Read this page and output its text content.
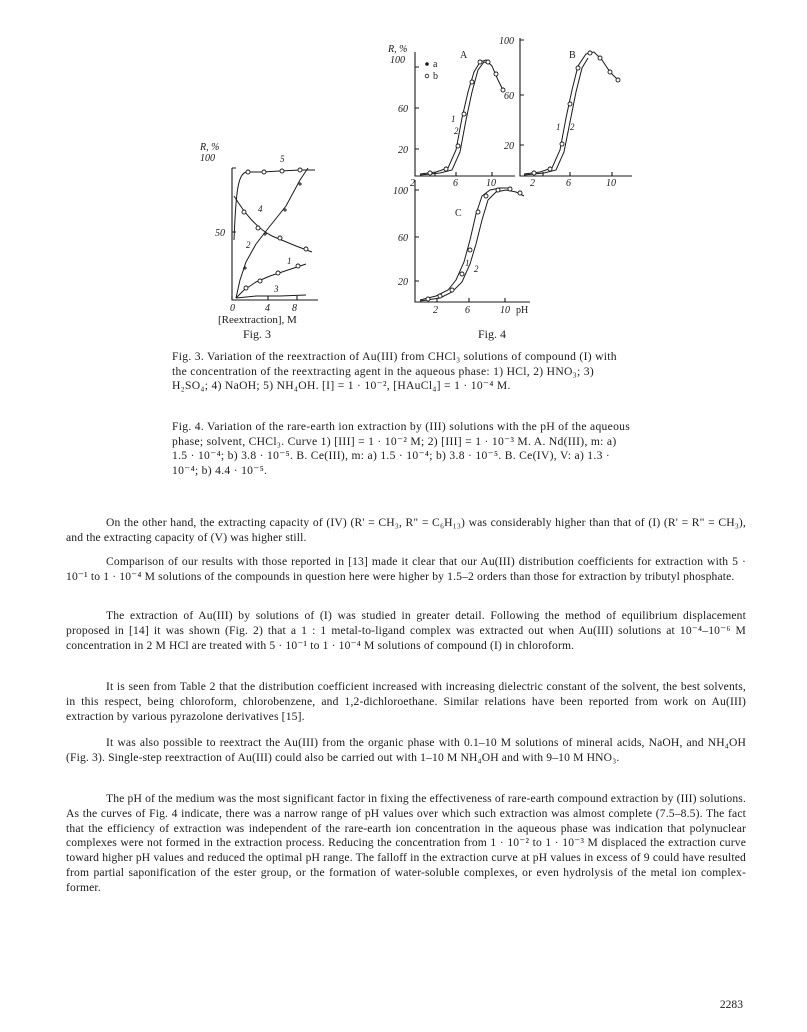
R, %
100
50
0	4 8
5
4
2
1
3
R, %
100
60
20
2	6	10
A
a
b
1
2
100
60
20
2	6	10
B
1 2
100
60
20
2	6	10 pH
C
1
2
[Reextraction], M
Fig. 3	Fig. 4
Fig. 3. Variation of the reextraction of Au(III) from CHCl₃ solutions of compound (I) with the concentration of the reextracting agent in the aqueous phase: 1) HCl, 2) HNO₃; 3) H₂SO₄; 4) NaOH; 5) NH₄OH. [I] = 1 · 10⁻², [HAuCl₄] = 1 · 10⁻⁴ M.
Fig. 4. Variation of the rare-earth ion extraction by (III) solutions with the pH of the aqueous phase; solvent, CHCl₃. Curve 1) [III] = 1 · 10⁻² M; 2) [III] = 1 · 10⁻³ M. A. Nd(III), m: a) 1.5 · 10⁻⁴; b) 3.8 · 10⁻⁵. B. Ce(III), m: a) 1.5 · 10⁻⁴; b) 3.8 · 10⁻⁵. B. Ce(IV), V: a) 1.3 · 10⁻⁴; b) 4.4 · 10⁻⁵.
On the other hand, the extracting capacity of (IV) (R' = CH₃, R" = C₆H₁₃) was considerably higher than that of (I) (R' = R" = CH₃), and the extracting capacity of (V) was higher still.
Comparison of our results with those reported in [13] made it clear that our Au(III) distribution coefficients for extraction with 5 · 10⁻¹ to 1 · 10⁻⁴ M solutions of the compounds in question here were higher by 1.5–2 orders than those for extraction by tributyl phosphate.
The extraction of Au(III) by solutions of (I) was studied in greater detail. Following the method of equilibrium displacement proposed in [14] it was shown (Fig. 2) that a 1 : 1 metal-to-ligand complex was extracted out when Au(III) solutions at 10⁻⁴–10⁻⁶ M concentration in 2 M HCl are treated with 5 · 10⁻¹ to 1 · 10⁻⁴ M solutions of compound (I) in chloroform.
It is seen from Table 2 that the distribution coefficient increased with increasing dielectric constant of the solvent, the best solvents, in this respect, being chloroform, chlorobenzene, and 1,2-dichloroethane. Similar relations have been reported from work on Au(III) extraction by various pyrazolone derivatives [15].
It was also possible to reextract the Au(III) from the organic phase with 0.1–10 M solutions of mineral acids, NaOH, and NH₄OH (Fig. 3). Single-step reextraction of Au(III) could also be carried out with 1–10 M NH₄OH and with 9–10 M HNO₃.
The pH of the medium was the most significant factor in fixing the effectiveness of rare-earth compound extraction by (III) solutions. As the curves of Fig. 4 indicate, there was a narrow range of pH values over which such extraction was almost complete (7.5–8.5). The fact that the efficiency of extraction was independent of the rare-earth ion concentration in the aqueous phase was indication that polynuclear complexes were not formed in the extraction process. Reducing the concentration from 1 · 10⁻² to 1 · 10⁻³ M displaced the extraction curve toward higher pH values and reduced the optimal pH range. The falloff in the extraction curve at pH values in excess of 9 could have resulted from partial saponification of the ester group, or the formation of water-soluble complexes, or even hydrolysis of the metal ion complex-former.
2283
